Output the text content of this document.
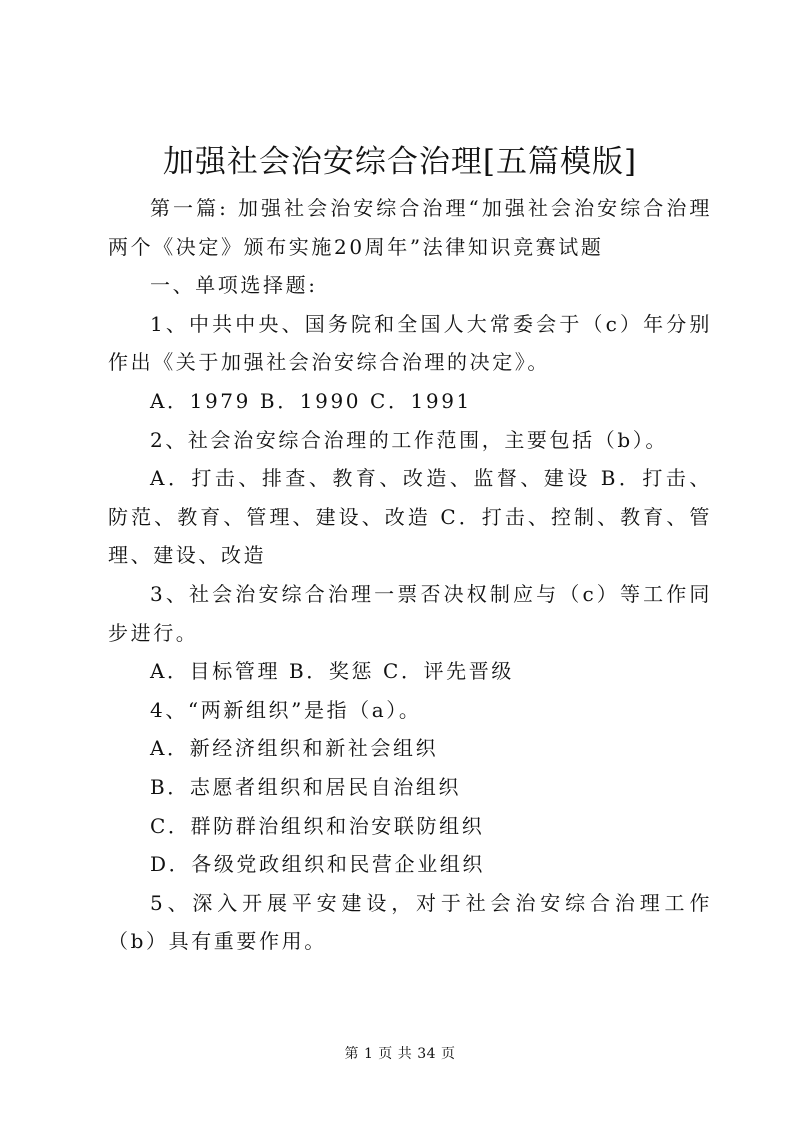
加强社会治安综合治理[五篇模版]

第一篇: 加强社会治安综合治理“加强社会治安综合治理两个《决定》颁布实施20周年”法律知识竞赛试题

一、单项选择题:

1、中共中央、国务院和全国人大常委会于（c）年分别作出《关于加强社会治安综合治理的决定》。

A．1979 B．1990 C．1991

2、社会治安综合治理的工作范围，主要包括（b）。

A．打击、排查、教育、改造、监督、建设 B．打击、防范、教育、管理、建设、改造 C．打击、控制、教育、管理、建设、改造

3、社会治安综合治理一票否决权制应与（c）等工作同步进行。

A．目标管理 B．奖惩 C．评先晋级

4、“两新组织”是指（a）。

A．新经济组织和新社会组织

B．志愿者组织和居民自治组织

C．群防群治组织和治安联防组织

D．各级党政组织和民营企业组织

5、深入开展平安建设，对于社会治安综合治理工作（b）具有重要作用。

第 1 页 共 34 页
